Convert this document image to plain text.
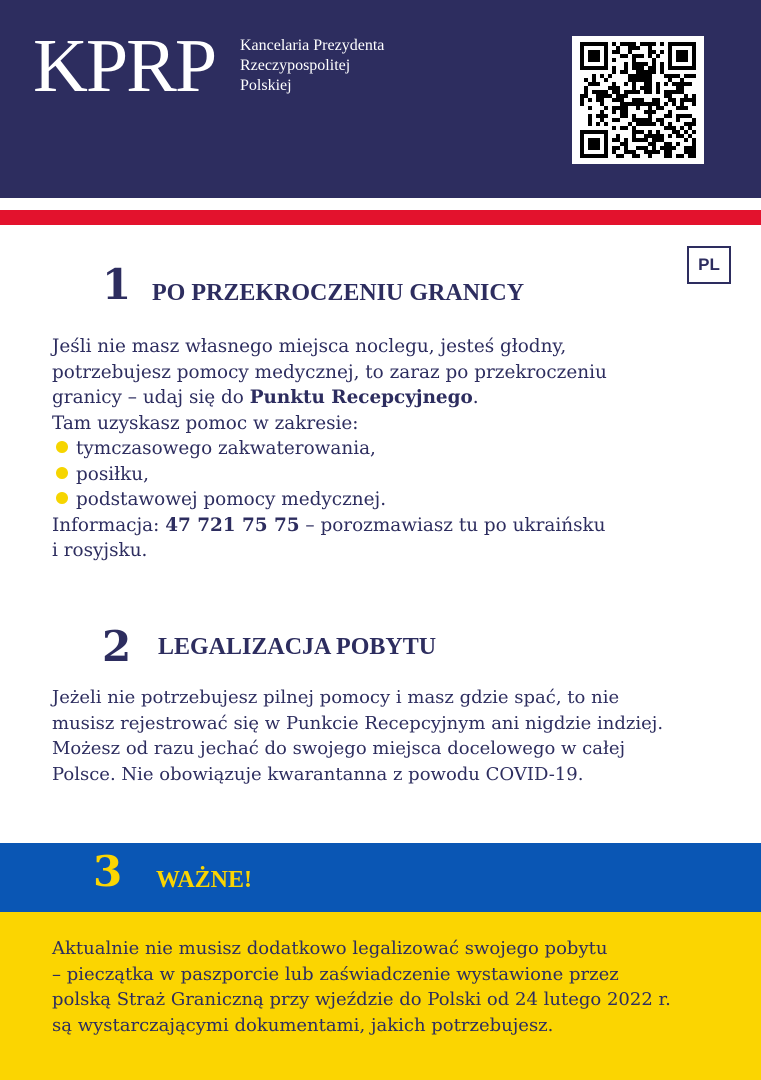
KPRP Kancelaria Prezydenta
Rzeczypospolitej
Polskiej
PL
1 PO PRZEKROCZENIU GRANICY
Jeśli nie masz własnego miejsca noclegu, jesteś głodny,
potrzebujesz pomocy medycznej, to zaraz po przekroczeniu
granicy – udaj się do Punktu Recepcyjnego.
Tam uzyskasz pomoc w zakresie:
tymczasowego zakwaterowania,
posiłku,
podstawowej pomocy medycznej.
Informacja: 47 721 75 75 – porozmawiasz tu po ukraińsku
i rosyjsku.
2 LEGALIZACJA POBYTU
Jeżeli nie potrzebujesz pilnej pomocy i masz gdzie spać, to nie
musisz rejestrować się w Punkcie Recepcyjnym ani nigdzie indziej.
Możesz od razu jechać do swojego miejsca docelowego w całej
Polsce. Nie obowiązuje kwarantanna z powodu COVID-19.
3 WAŻNE!
Aktualnie nie musisz dodatkowo legalizować swojego pobytu
– pieczątka w paszporcie lub zaświadczenie wystawione przez
polską Straż Graniczną przy wjeździe do Polski od 24 lutego 2022 r.
są wystarczającymi dokumentami, jakich potrzebujesz.
